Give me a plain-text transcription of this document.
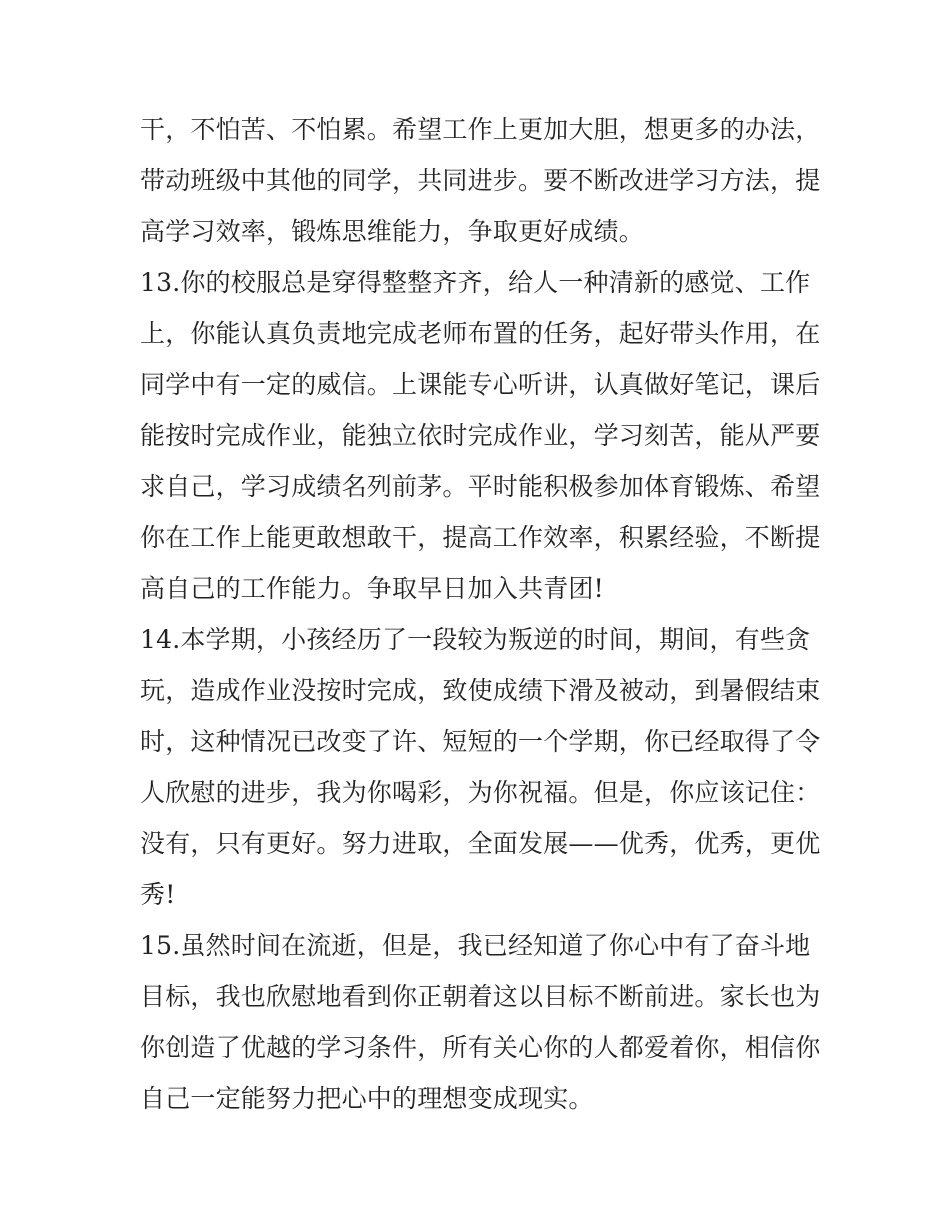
干，不怕苦、不怕累。希望工作上更加大胆，想更多的办法，
带动班级中其他的同学，共同进步。要不断改进学习方法，提
高学习效率，锻炼思维能力，争取更好成绩。
13.你的校服总是穿得整整齐齐，给人一种清新的感觉、工作
上，你能认真负责地完成老师布置的任务，起好带头作用，在
同学中有一定的威信。上课能专心听讲，认真做好笔记，课后
能按时完成作业，能独立依时完成作业，学习刻苦，能从严要
求自己，学习成绩名列前茅。平时能积极参加体育锻炼、希望
你在工作上能更敢想敢干，提高工作效率，积累经验，不断提
高自己的工作能力。争取早日加入共青团!
14.本学期，小孩经历了一段较为叛逆的时间，期间，有些贪
玩，造成作业没按时完成，致使成绩下滑及被动，到暑假结束
时，这种情况已改变了许、短短的一个学期，你已经取得了令
人欣慰的进步，我为你喝彩，为你祝福。但是，你应该记住：
没有，只有更好。努力进取，全面发展——优秀，优秀，更优
秀!
15.虽然时间在流逝，但是，我已经知道了你心中有了奋斗地
目标，我也欣慰地看到你正朝着这以目标不断前进。家长也为
你创造了优越的学习条件，所有关心你的人都爱着你，相信你
自己一定能努力把心中的理想变成现实。
